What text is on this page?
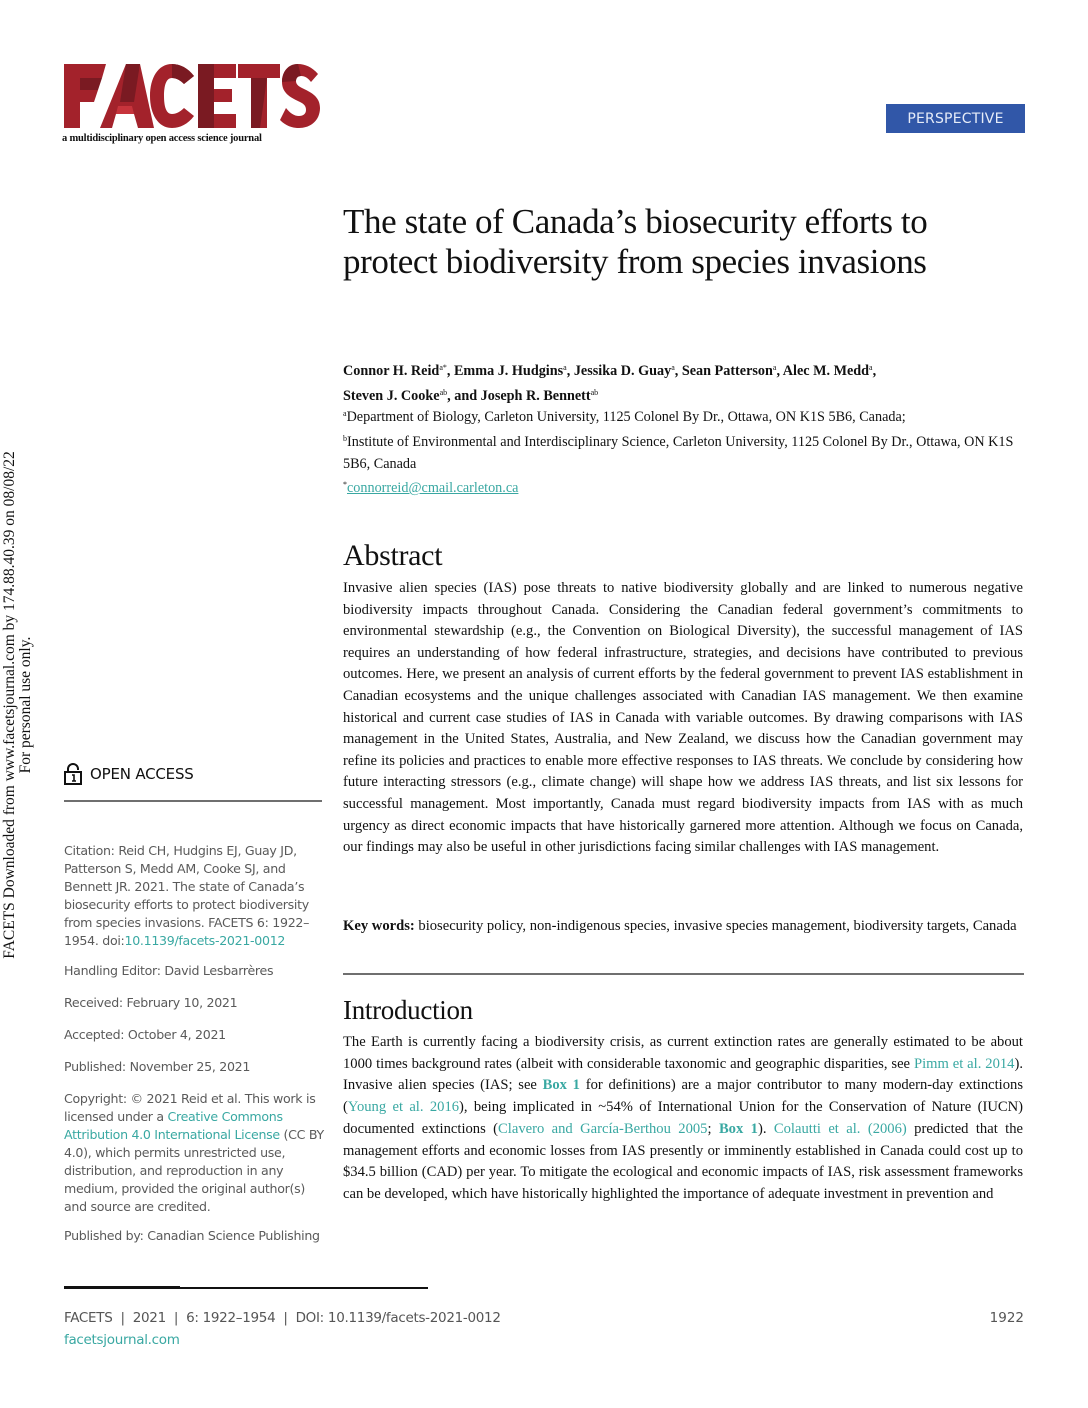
a multidisciplinary open access science journal
PERSPECTIVE
FACETS Downloaded from www.facetsjournal.com by 174.88.40.39 on 08/08/22 For personal use only.
The state of Canada’s biosecurity efforts to protect biodiversity from species invasions
Connor H. Reid$^{a*}$, Emma J. Hudgins$^a$, Jessika D. Guay$^a$, Sean Patterson$^a$, Alec M. Medd$^a$,
Steven J. Cooke$^{ab}$, and Joseph R. Bennett$^{ab}$
$^a$Department of Biology, Carleton University, 1125 Colonel By Dr., Ottawa, ON K1S 5B6, Canada;
$^b$Institute of Environmental and Interdisciplinary Science, Carleton University, 1125 Colonel By Dr., Ottawa, ON K1S 5B6, Canada
*connorreid@cmail.carleton.ca
Abstract

Invasive alien species (IAS) pose threats to native biodiversity globally and are linked to numerous negative biodiversity impacts throughout Canada. Considering the Canadian federal government’s commitments to environmental stewardship (e.g., the Convention on Biological Diversity), the successful management of IAS requires an understanding of how federal infrastructure, strategies, and decisions have contributed to previous outcomes. Here, we present an analysis of current efforts by the federal government to prevent IAS establishment in Canadian ecosystems and the unique challenges associated with Canadian IAS management. We then examine historical and current case studies of IAS in Canada with variable outcomes. By drawing comparisons with IAS management in the United States, Australia, and New Zealand, we discuss how the Canadian government may refine its policies and practices to enable more effective responses to IAS threats. We conclude by considering how future interacting stressors (e.g., climate change) will shape how we address IAS threats, and list six lessons for successful management. Most importantly, Canada must regard biodiversity impacts from IAS with as much urgency as direct economic impacts that have historically garnered more attention. Although we focus on Canada, our findings may also be useful in other jurisdictions facing similar challenges with IAS management.

Key words: biosecurity policy, non-indigenous species, invasive species management, biodiversity targets, Canada
Introduction

The Earth is currently facing a biodiversity crisis, as current extinction rates are generally estimated to be about 1000 times background rates (albeit with considerable taxonomic and geographic disparities, see Pimm et al. 2014). Invasive alien species (IAS; see Box 1 for definitions) are a major contributor to many modern-day extinctions (Young et al. 2016), being implicated in ~54% of International Union for the Conservation of Nature (IUCN) documented extinctions (Clavero and García-Berthou 2005; Box 1). Colautti et al. (2006) predicted that the management efforts and economic losses from IAS presently or imminently established in Canada could cost up to $34.5 billion (CAD) per year. To mitigate the ecological and economic impacts of IAS, risk assessment frameworks can be developed, which have historically highlighted the importance of adequate investment in prevention and

OPEN ACCESS
Citation: Reid CH, Hudgins EJ, Guay JD, Patterson S, Medd AM, Cooke SJ, and Bennett JR. 2021. The state of Canada’s biosecurity efforts to protect biodiversity from species invasions. FACETS 6: 1922–1954. doi:10.1139/facets-2021-0012
Handling Editor: David Lesbarrères
Received: February 10, 2021
Accepted: October 4, 2021
Published: November 25, 2021
Copyright: © 2021 Reid et al. This work is licensed under a Creative Commons Attribution 4.0 International License (CC BY 4.0), which permits unrestricted use, distribution, and reproduction in any medium, provided the original author(s) and source are credited.
Published by: Canadian Science Publishing
FACETS  |  2021  |  6: 1922–1954  |  DOI: 10.1139/facets-2021-0012
facetsjournal.com
1922
